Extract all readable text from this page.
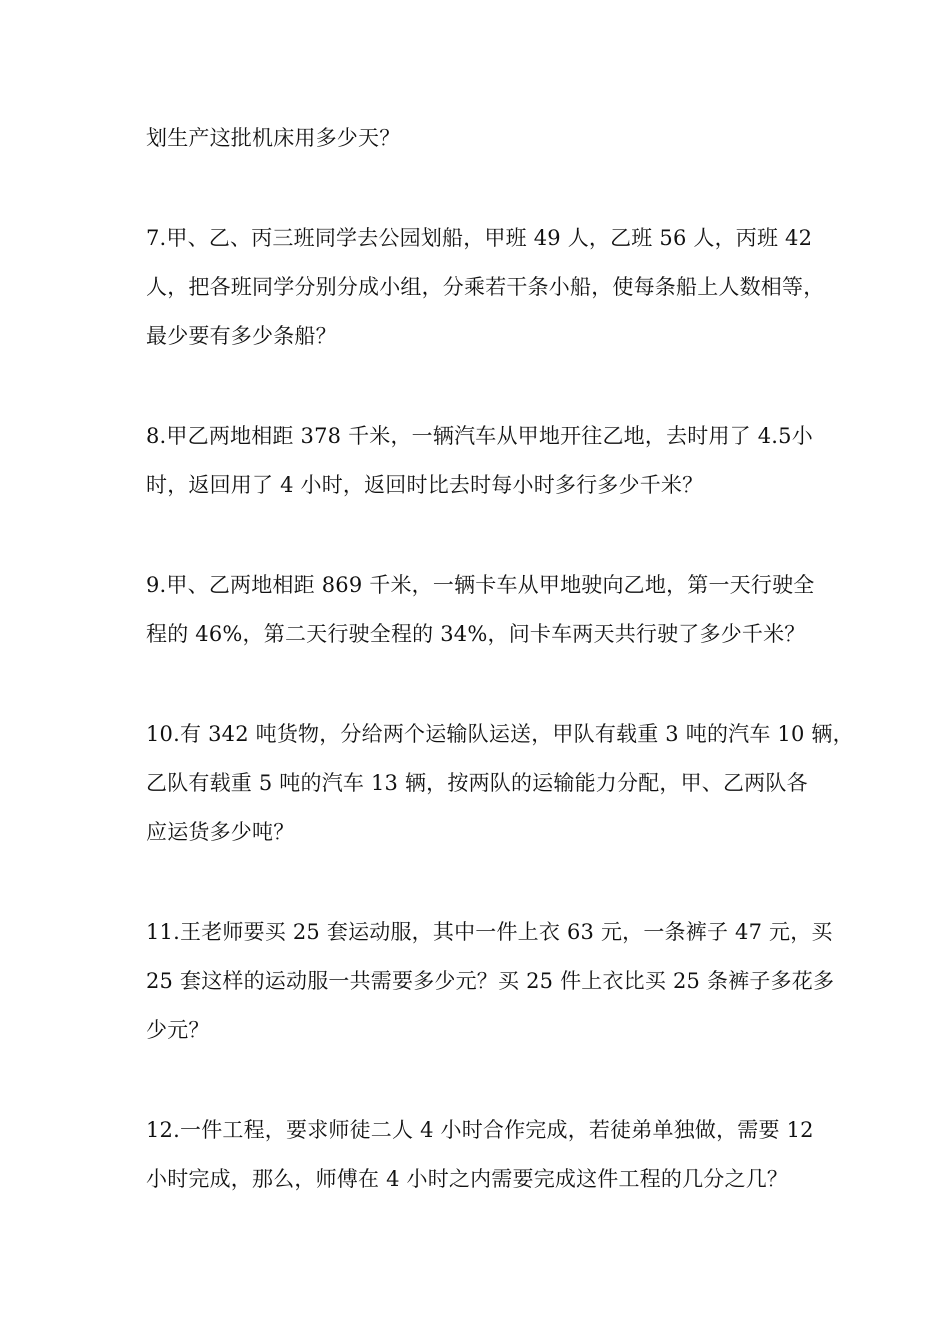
划生产这批机床用多少天？
7.甲、乙、丙三班同学去公园划船，甲班 49 人，乙班 56 人，丙班 42
人，把各班同学分别分成小组，分乘若干条小船，使每条船上人数相等，
最少要有多少条船？
8.甲乙两地相距 378 千米，一辆汽车从甲地开往乙地，去时用了 4.5小
时，返回用了 4 小时，返回时比去时每小时多行多少千米？
9.甲、乙两地相距 869 千米，一辆卡车从甲地驶向乙地，第一天行驶全
程的 46%，第二天行驶全程的 34%，问卡车两天共行驶了多少千米？
10.有 342 吨货物，分给两个运输队运送，甲队有载重 3 吨的汽车 10 辆，
乙队有载重 5 吨的汽车 13 辆，按两队的运输能力分配，甲、乙两队各
应运货多少吨？
11.王老师要买 25 套运动服，其中一件上衣 63 元，一条裤子 47 元，买
25 套这样的运动服一共需要多少元？买 25 件上衣比买 25 条裤子多花多
少元？
12.一件工程，要求师徒二人 4 小时合作完成，若徒弟单独做，需要 12
小时完成，那么，师傅在 4 小时之内需要完成这件工程的几分之几？
